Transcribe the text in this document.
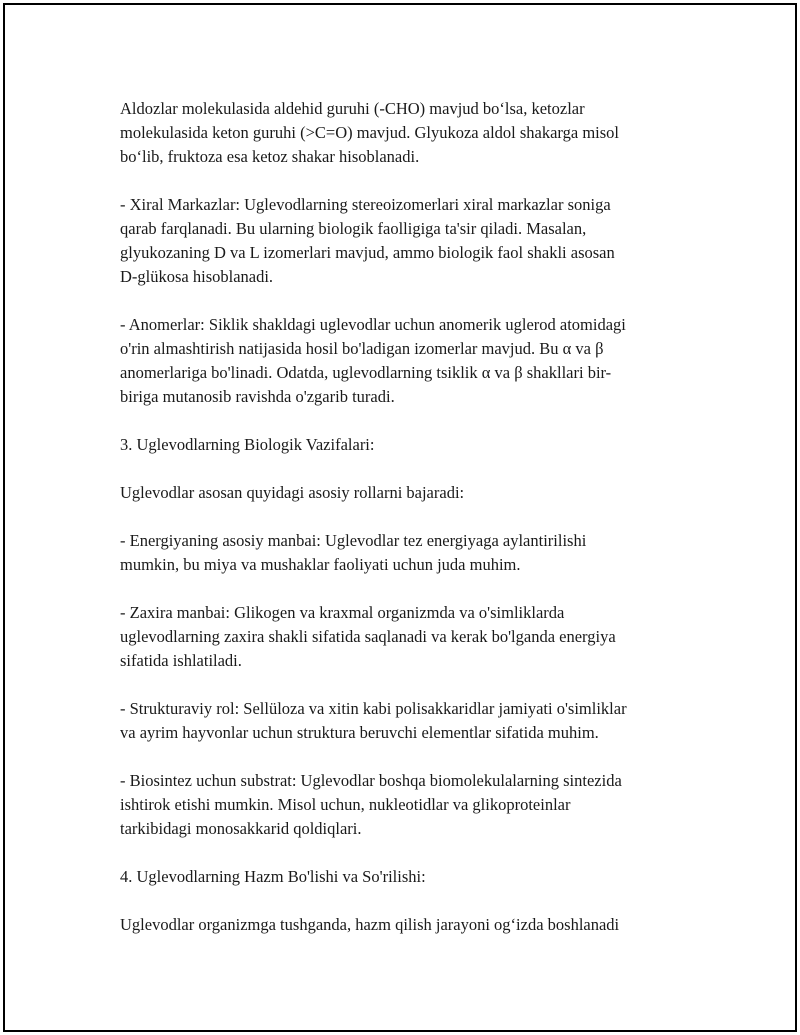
Aldozlar molekulasida aldehid guruhi (-CHO) mavjud bo‘lsa, ketozlar
molekulasida keton guruhi (>C=O) mavjud. Glyukoza aldol shakarga misol
bo‘lib, fruktoza esa ketoz shakar hisoblanadi.

- Xiral Markazlar: Uglevodlarning stereoizomerlari xiral markazlar soniga
qarab farqlanadi. Bu ularning biologik faolligiga ta'sir qiladi. Masalan,
glyukozaning D va L izomerlari mavjud, ammo biologik faol shakli asosan
D-glükosa hisoblanadi.

- Anomerlar: Siklik shakldagi uglevodlar uchun anomerik uglerod atomidagi
o'rin almashtirish natijasida hosil bo'ladigan izomerlar mavjud. Bu α va β
anomerlariga bo'linadi. Odatda, uglevodlarning tsiklik α va β shakllari bir-
biriga mutanosib ravishda o'zgarib turadi.

3. Uglevodlarning Biologik Vazifalari:

Uglevodlar asosan quyidagi asosiy rollarni bajaradi:

- Energiyaning asosiy manbai: Uglevodlar tez energiyaga aylantirilishi
mumkin, bu miya va mushaklar faoliyati uchun juda muhim.

- Zaxira manbai: Glikogen va kraxmal organizmda va o'simliklarda
uglevodlarning zaxira shakli sifatida saqlanadi va kerak bo'lganda energiya
sifatida ishlatiladi.

- Strukturaviy rol: Sellüloza va xitin kabi polisakkaridlar jamiyati o'simliklar
va ayrim hayvonlar uchun struktura beruvchi elementlar sifatida muhim.

- Biosintez uchun substrat: Uglevodlar boshqa biomolekulalarning sintezida
ishtirok etishi mumkin. Misol uchun, nukleotidlar va glikoproteinlar
tarkibidagi monosakkarid qoldiqlari.

4. Uglevodlarning Hazm Bo'lishi va So'rilishi:

Uglevodlar organizmga tushganda, hazm qilish jarayoni og‘izda boshlanadi
